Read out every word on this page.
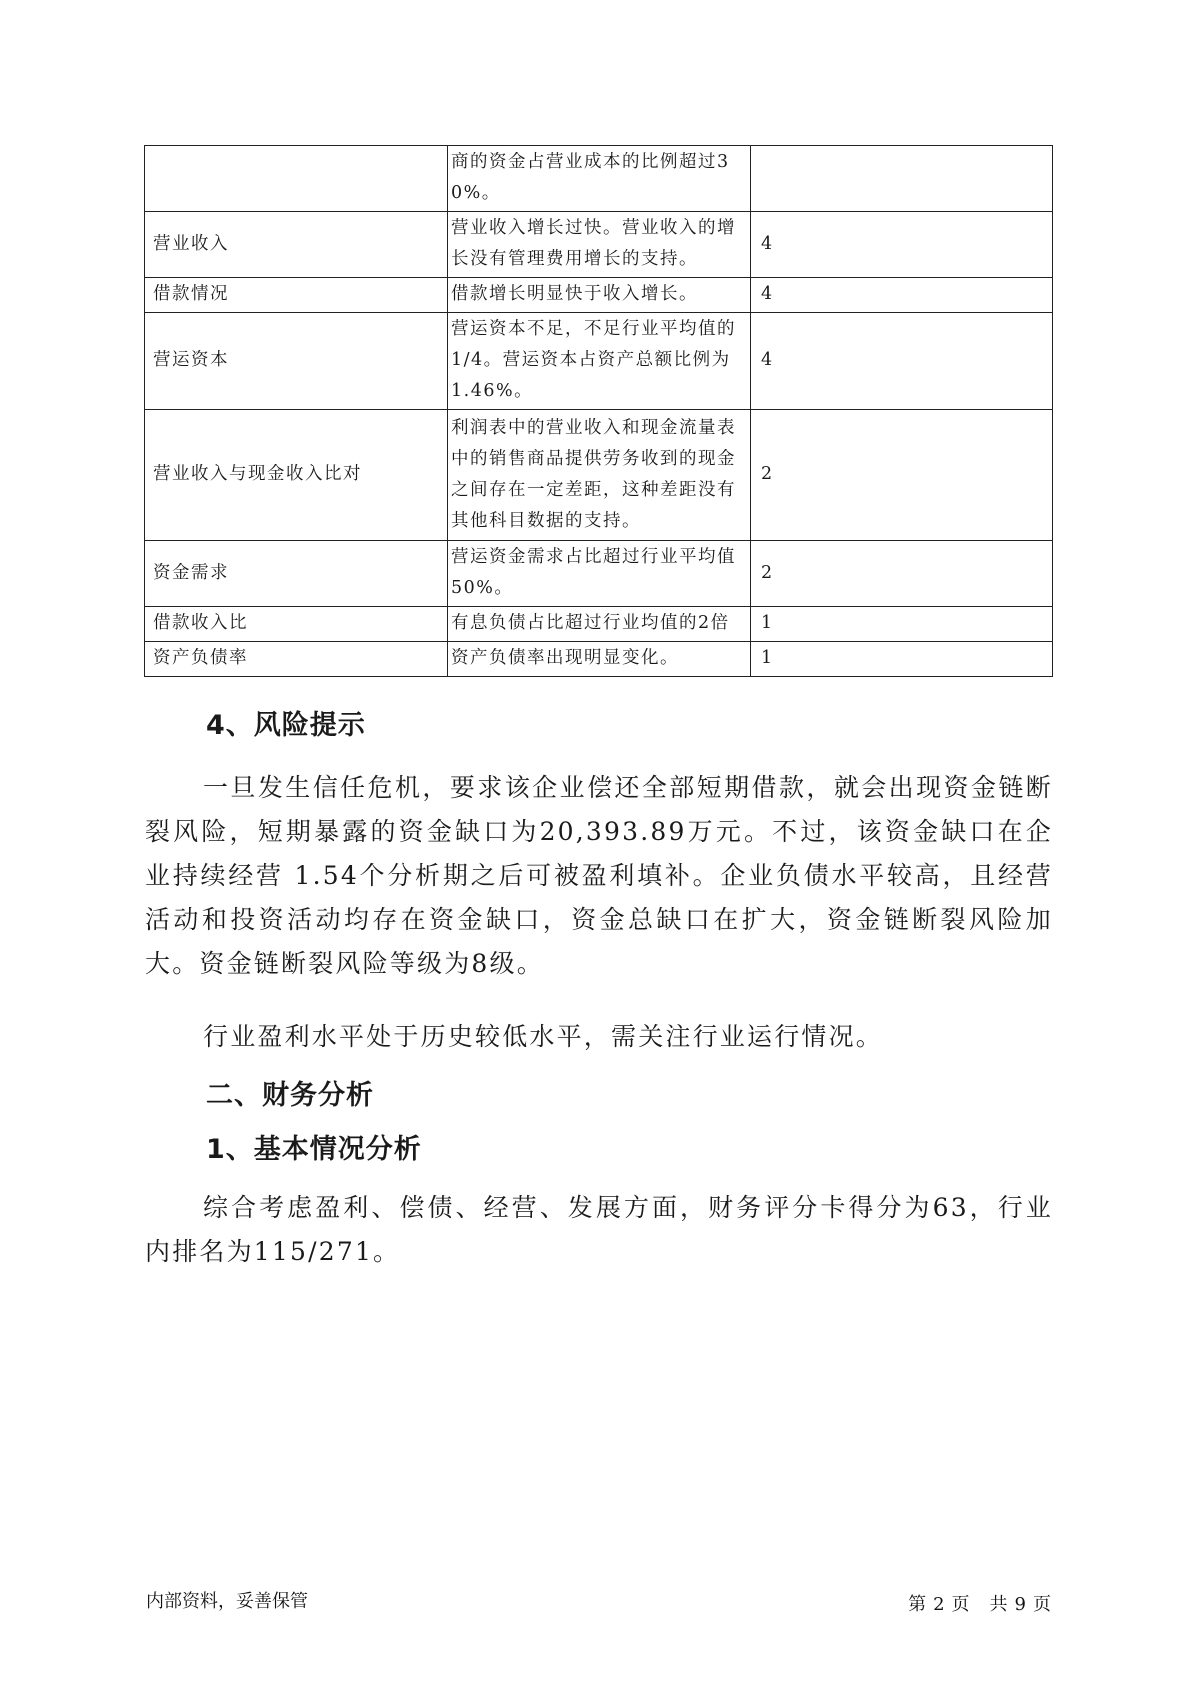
	商的资金占营业成本的比例超过30%。	
营业收入	营业收入增长过快。营业收入的增长没有管理费用增长的支持。	4
借款情况	借款增长明显快于收入增长。	4
营运资本	营运资本不足，不足行业平均值的1/4。营运资本占资产总额比例为1.46%。	4
营业收入与现金收入比对	利润表中的营业收入和现金流量表中的销售商品提供劳务收到的现金之间存在一定差距，这种差距没有其他科目数据的支持。	2
资金需求	营运资金需求占比超过行业平均值50%。	2
借款收入比	有息负债占比超过行业均值的2倍	1
资产负债率	资产负债率出现明显变化。	1
4、风险提示

一旦发生信任危机，要求该企业偿还全部短期借款，就会出现资金链断裂风险，短期暴露的资金缺口为20,393.89万元。不过，该资金缺口在企业持续经营 1.54个分析期之后可被盈利填补。企业负债水平较高，且经营活动和投资活动均存在资金缺口，资金总缺口在扩大，资金链断裂风险加大。资金链断裂风险等级为8级。

行业盈利水平处于历史较低水平，需关注行业运行情况。

二、财务分析
1、基本情况分析

综合考虑盈利、偿债、经营、发展方面，财务评分卡得分为63，行业内排名为115/271。

内部资料，妥善保管	第 2 页　共 9 页
